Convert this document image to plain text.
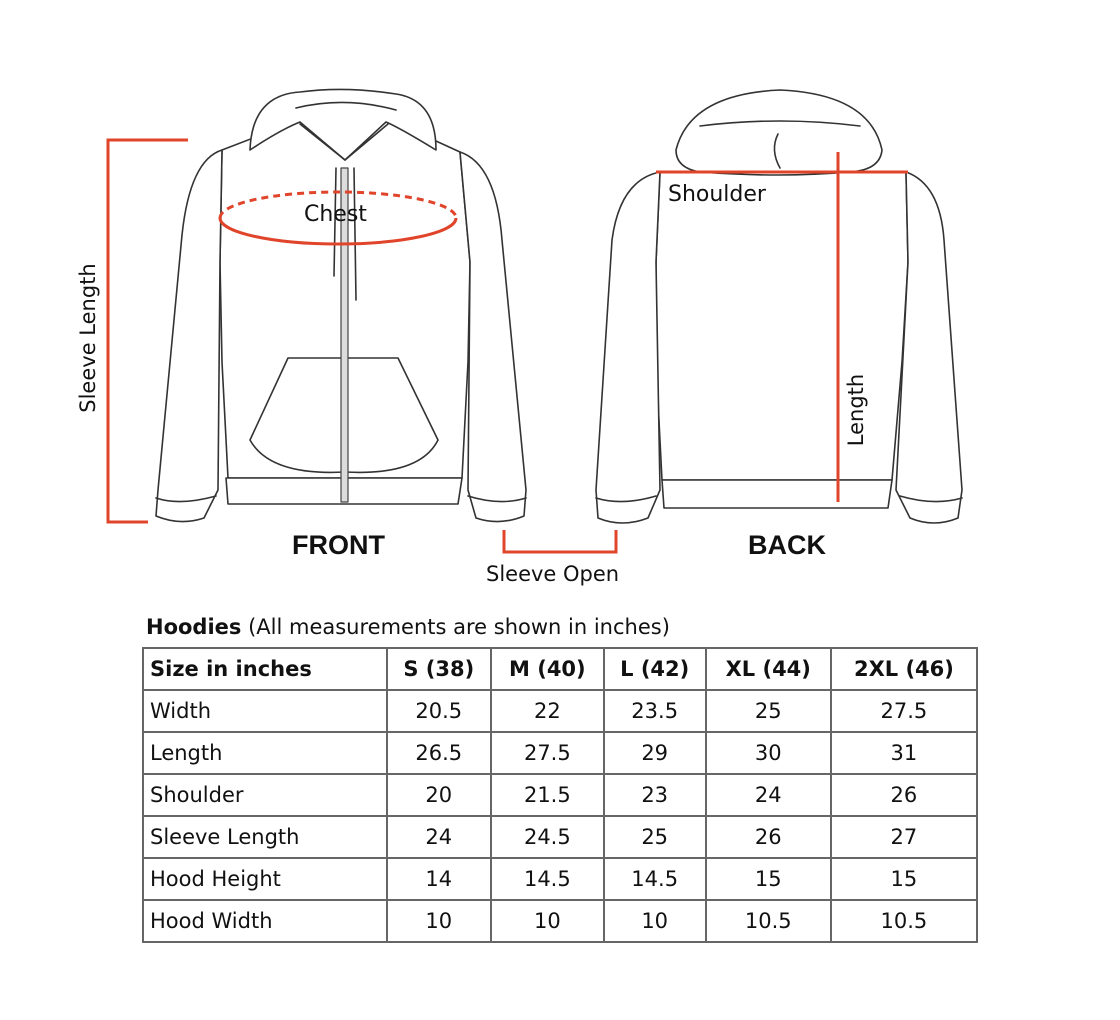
Chest
Shoulder
Sleeve Length	Length
FRONT	BACK
Sleeve Open
Hoodies (All measurements are shown in inches)
Size in inches	S (38)	M (40)	L (42)	XL (44)	2XL (46)
Width	20.5	22	23.5	25	27.5
Length	26.5	27.5	29	30	31
Shoulder	20	21.5	23	24	26
Sleeve Length	24	24.5	25	26	27
Hood Height	14	14.5	14.5	15	15
Hood Width	10	10	10	10.5	10.5
